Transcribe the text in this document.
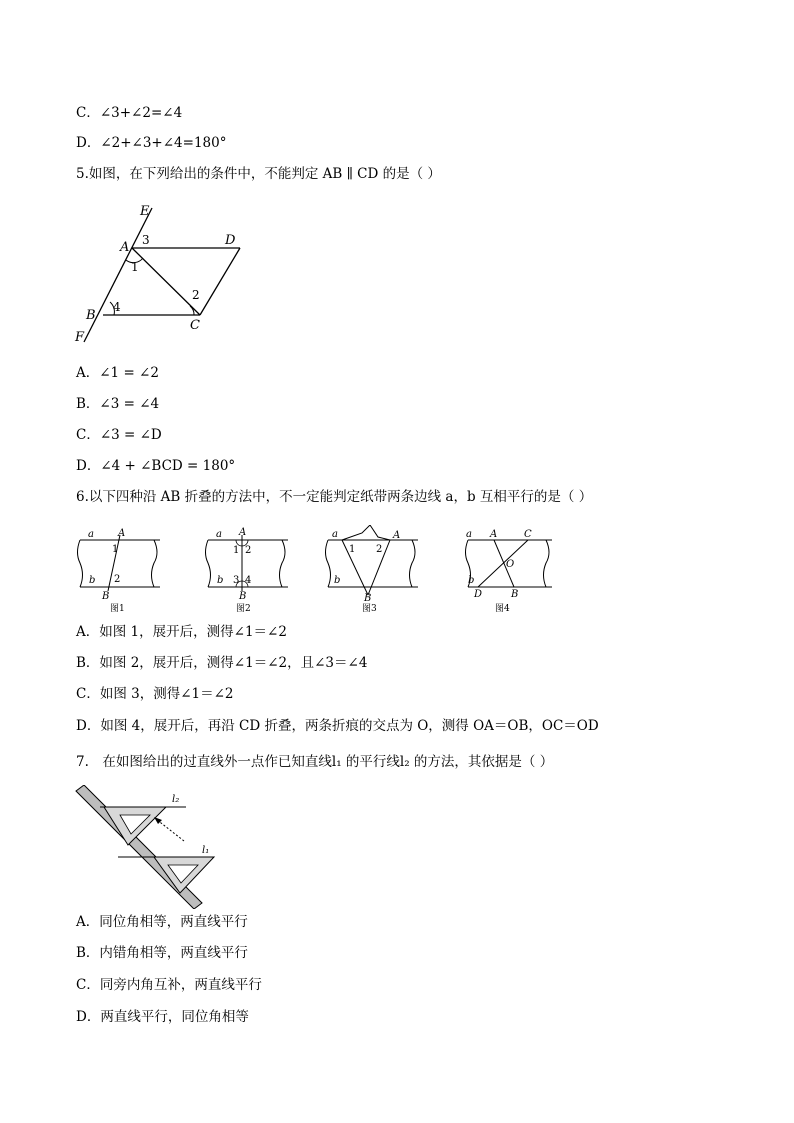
C．∠3+∠2=∠4
D．∠2+∠3+∠4=180°
5.如图，在下列给出的条件中，不能判定 AB ∥ CD 的是（ ）
E
A 3
1
D
2
C
B
4
F
A．∠1 = ∠2
B．∠3 = ∠4
C．∠3 = ∠D
D．∠4 + ∠BCD = 180°
6.以下四种沿 AB 折叠的方法中，不一定能判定纸带两条边线 a，b 互相平行的是（ ）
a A
1
2
b
B
图1
a A
1 2
3 4
b
B
图2
a	A
1 2
b
B
图3
a A	C
O
b
D	B
图4
A．如图 1，展开后，测得∠1＝∠2
B．如图 2，展开后，测得∠1＝∠2，且∠3＝∠4
C．如图 3，测得∠1＝∠2
D．如图 4，展开后，再沿 CD 折叠，两条折痕的交点为 O，测得 OA＝OB，OC＝OD
7.　在如图给出的过直线外一点作已知直线l₁ 的平行线l₂ 的方法，其依据是（ ）
l₂
l₁
A．同位角相等，两直线平行
B．内错角相等，两直线平行
C．同旁内角互补，两直线平行
D．两直线平行，同位角相等
